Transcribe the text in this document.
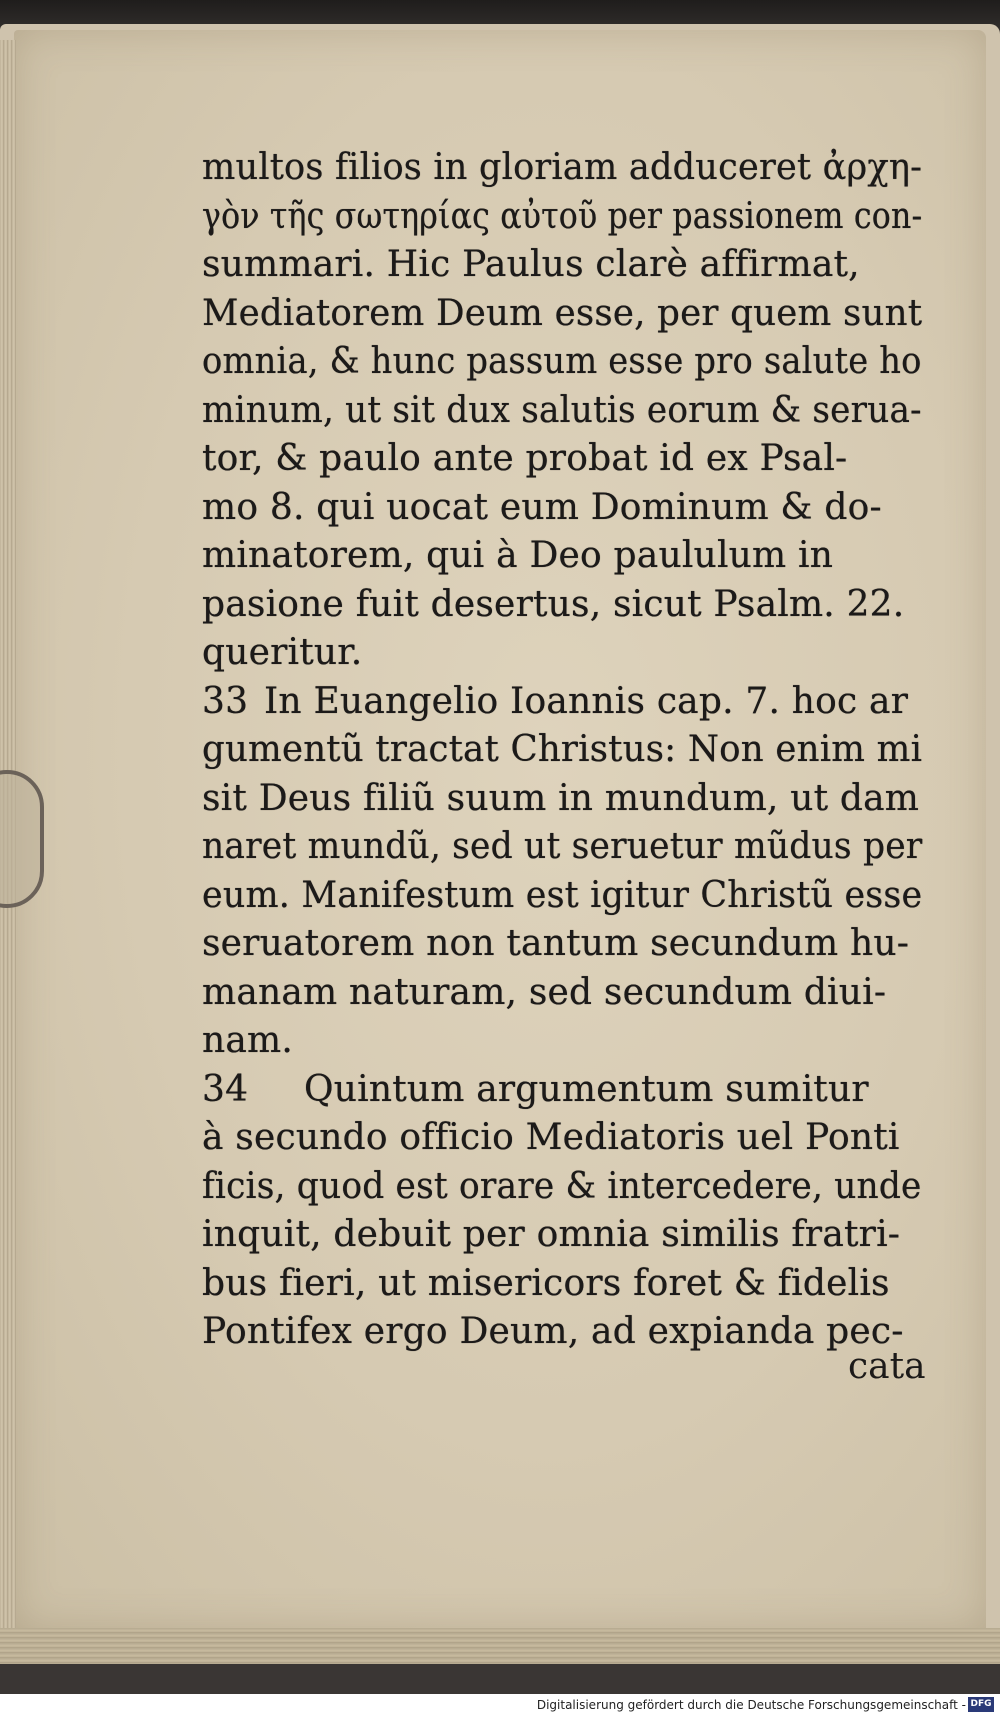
multos filios in gloriam adduceret ἀρχη-
γὸν τῆς σωτηρίας αὐτοῦ per passionem con-
summari. Hic Paulus clarè affirmat,
Mediatorem Deum esse, per quem sunt
omnia, & hunc passum esse pro salute ho
minum, ut sit dux salutis eorum & serua-
tor, & paulo ante probat id ex Psal-
mo 8. qui uocat eum Dominum & do-
minatorem, qui à Deo paululum in
pasione fuit desertus, sicut Psalm. 22.
queritur.
33 In Euangelio Ioannis cap. 7. hoc ar
gumentũ tractat Christus: Non enim mi
sit Deus filiũ suum in mundum, ut dam
naret mundũ, sed ut seruetur mũdus per
eum. Manifestum est igitur Christũ esse
seruatorem non tantum secundum hu-
manam naturam, sed secundum diui-
nam.
34 Quintum argumentum sumitur
à secundo officio Mediatoris uel Ponti
ficis, quod est orare & intercedere, unde
inquit, debuit per omnia similis fratri-
bus fieri, ut misericors foret & fidelis
Pontifex ergo Deum, ad expianda pec-
cata
Digitalisierung gefördert durch die Deutsche Forschungsgemeinschaft - DFG
